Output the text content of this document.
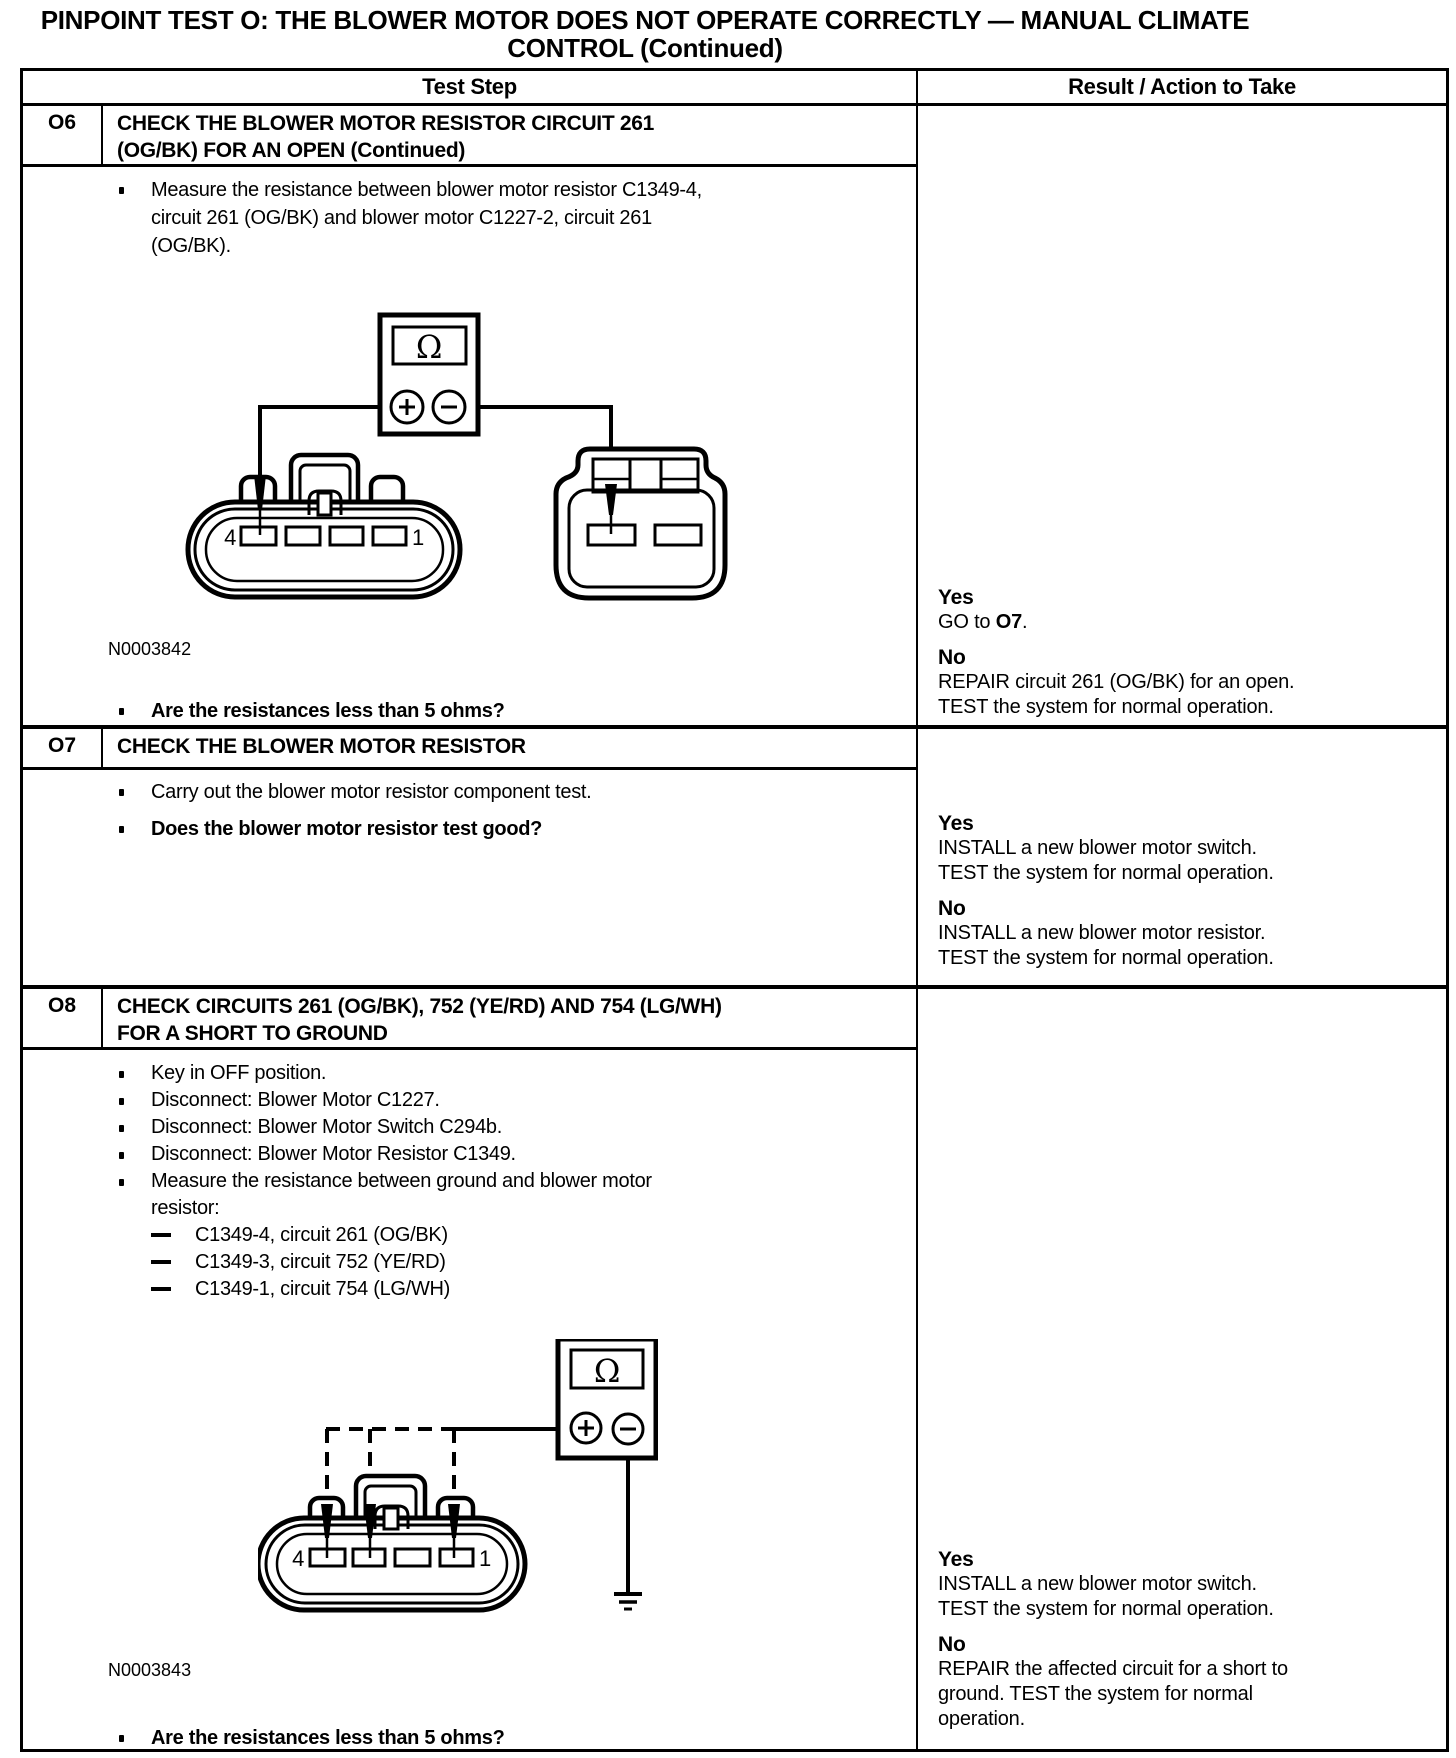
PINPOINT TEST O: THE BLOWER MOTOR DOES NOT OPERATE CORRECTLY — MANUAL CLIMATE
CONTROL (Continued)
Test Step	Result / Action to Take
O6	CHECK THE BLOWER MOTOR RESISTOR CIRCUIT 261
(OG/BK) FOR AN OPEN (Continued)
Measure the resistance between blower motor resistor C1349-4,
circuit 261 (OG/BK) and blower motor C1227-2, circuit 261
(OG/BK).
Ω
4	1
N0003842
Are the resistances less than 5 ohms?
Yes
GO to O7.
No
REPAIR circuit 261 (OG/BK) for an open.
TEST the system for normal operation.
O7	CHECK THE BLOWER MOTOR RESISTOR
Carry out the blower motor resistor component test.
Does the blower motor resistor test good?	Yes
INSTALL a new blower motor switch.
TEST the system for normal operation.
No
INSTALL a new blower motor resistor.
TEST the system for normal operation.
O8	CHECK CIRCUITS 261 (OG/BK), 752 (YE/RD) AND 754 (LG/WH)
FOR A SHORT TO GROUND
Key in OFF position.
Disconnect: Blower Motor C1227.
Disconnect: Blower Motor Switch C294b.
Disconnect: Blower Motor Resistor C1349.
Measure the resistance between ground and blower motor
resistor:
C1349-4, circuit 261 (OG/BK)
C1349-3, circuit 752 (YE/RD)
C1349-1, circuit 754 (LG/WH)
Ω
4	1
N0003843
Are the resistances less than 5 ohms?
Yes
INSTALL a new blower motor switch.
TEST the system for normal operation.
No
REPAIR the affected circuit for a short to
ground. TEST the system for normal
operation.
